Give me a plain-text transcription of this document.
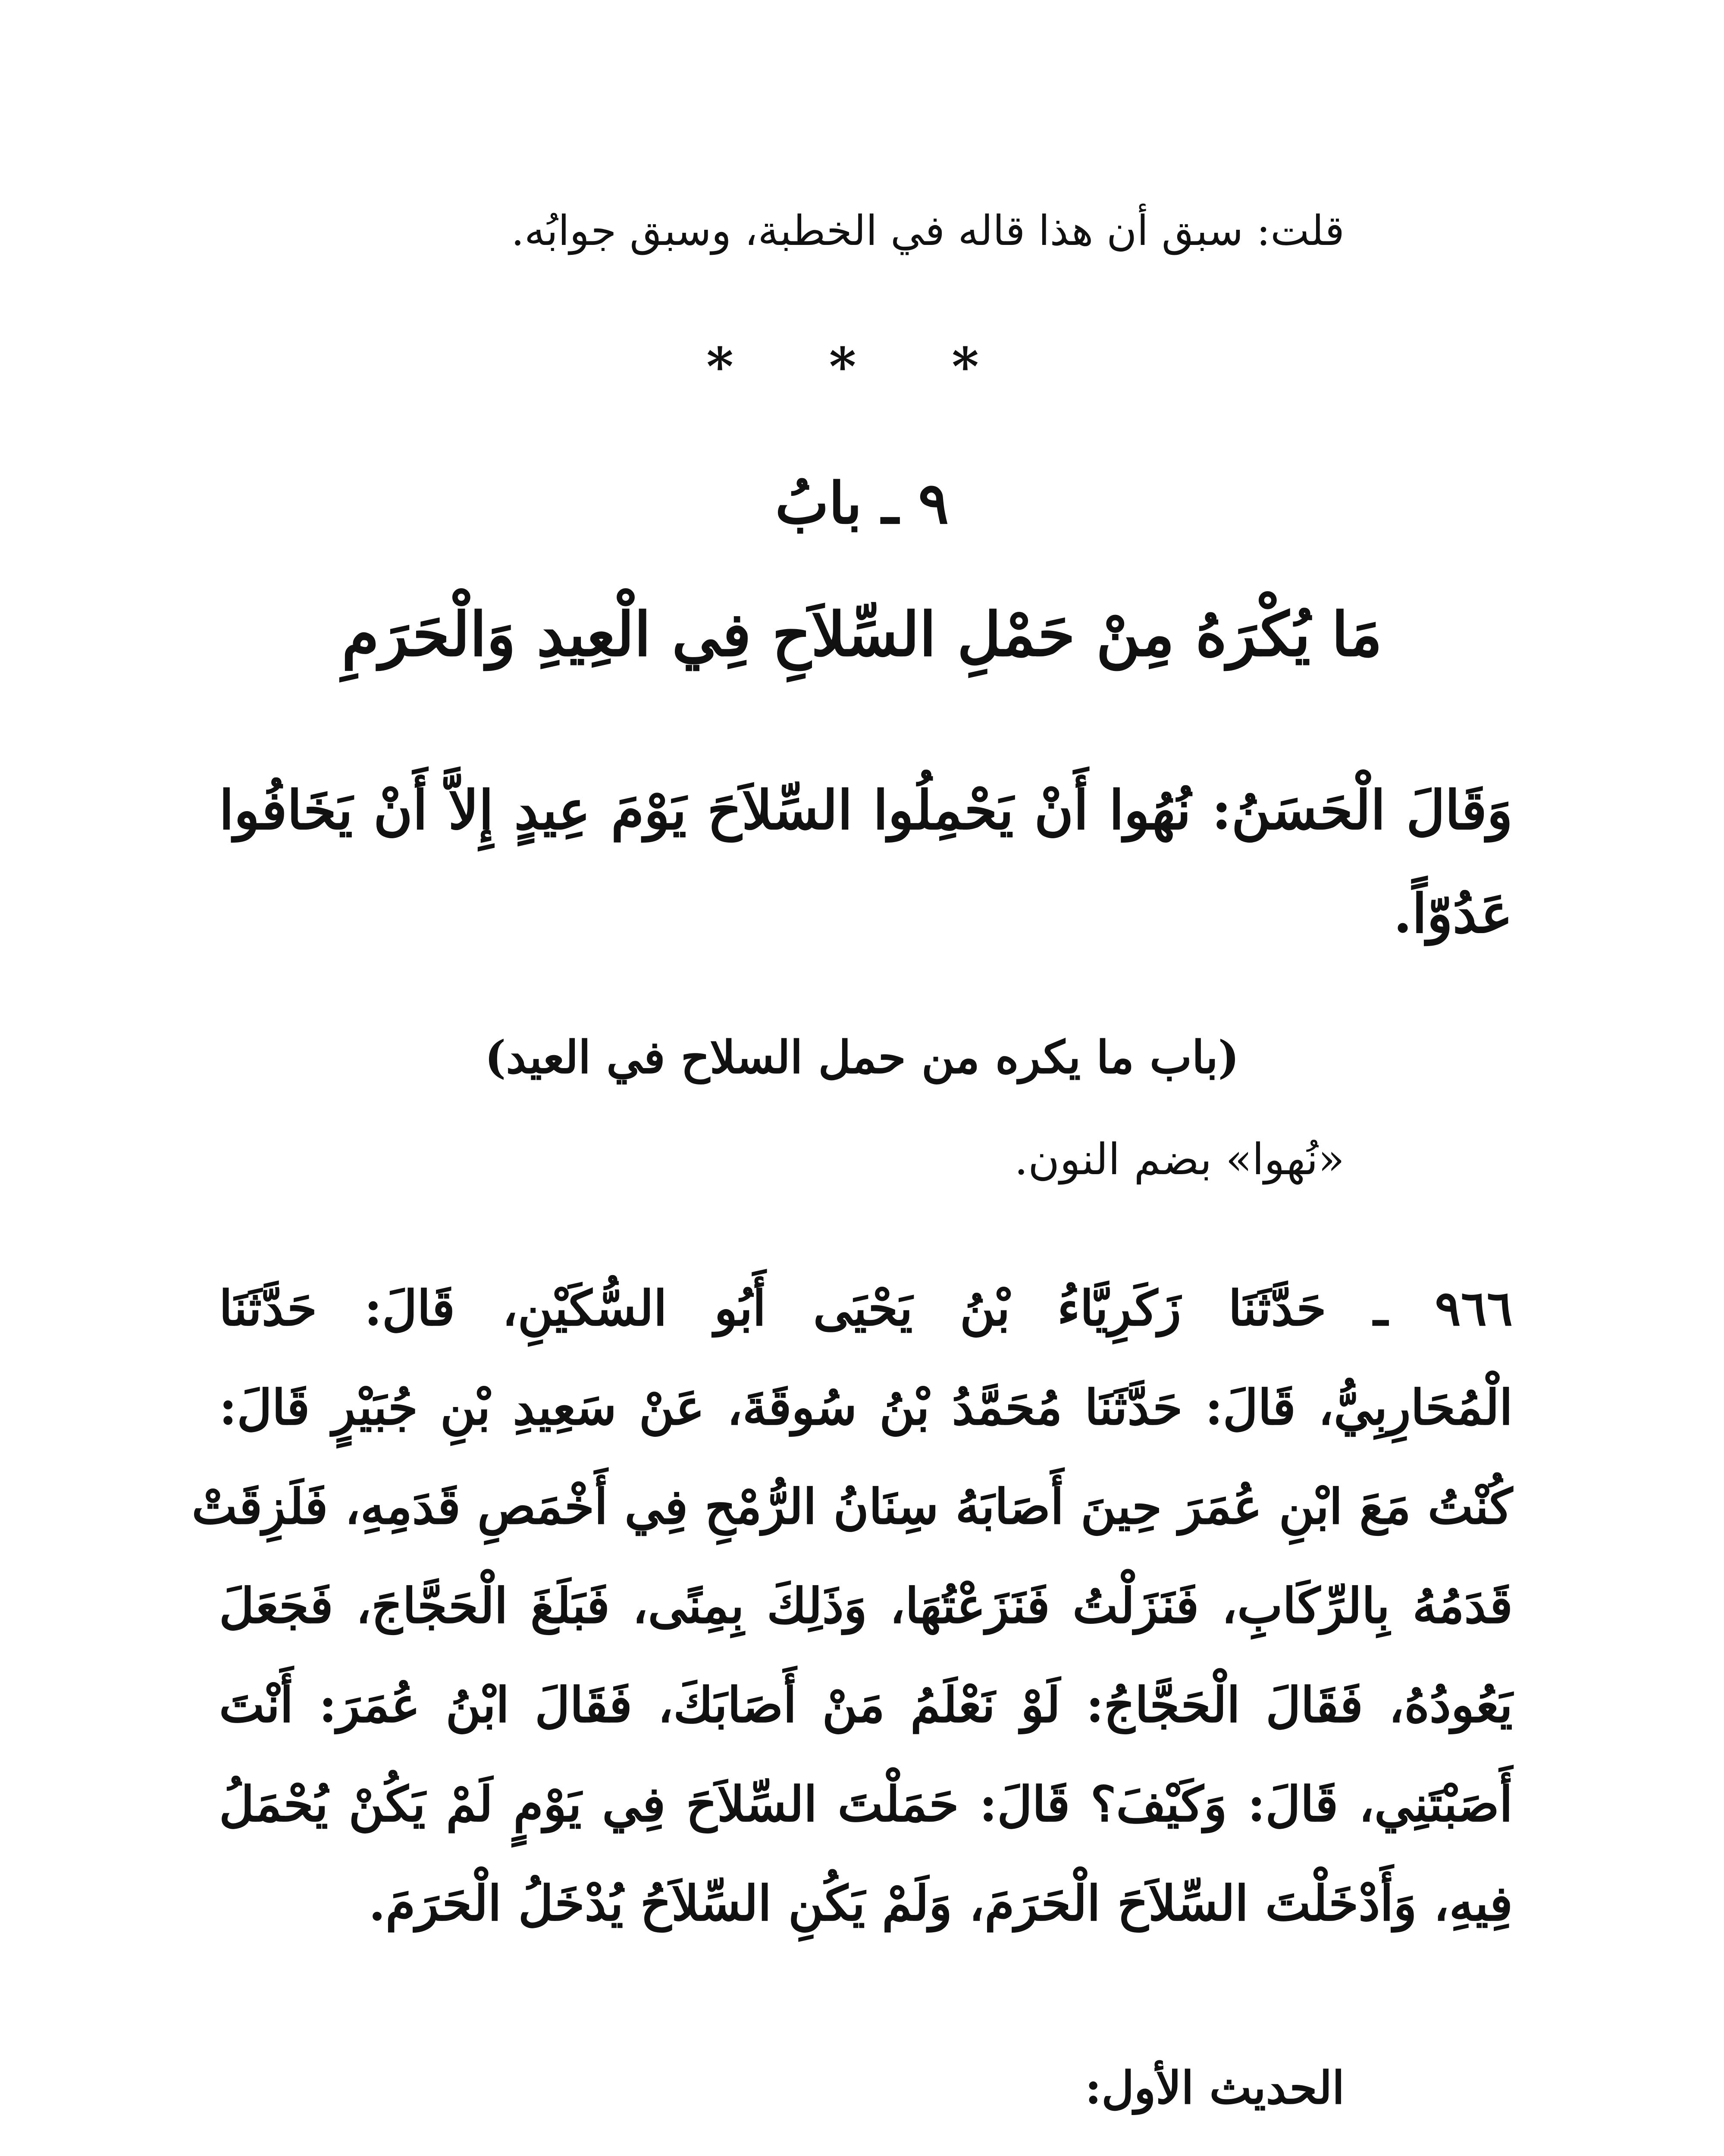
قلت: سبق أن هذا قاله في الخطبة، وسبق جوابُه.

* * *

٩ ـ بابُ

مَا يُكْرَهُ مِنْ حَمْلِ السِّلاَحِ فِي الْعِيدِ وَالْحَرَمِ

وَقَالَ الْحَسَنُ: نُهُوا أَنْ يَحْمِلُوا السِّلاَحَ يَوْمَ عِيدٍ إِلاَّ أَنْ يَخَافُوا
عَدُوّاً.

(باب ما يكره من حمل السلاح في العيد)

«نُهوا» بضم النون.

٩٦٦ ـ حَدَّثَنَا زَكَرِيَّاءُ بْنُ يَحْيَى أَبُو السُّكَيْنِ، قَالَ: حَدَّثَنَا
الْمُحَارِبِيُّ، قَالَ: حَدَّثَنَا مُحَمَّدُ بْنُ سُوقَةَ، عَنْ سَعِيدِ بْنِ جُبَيْرٍ قَالَ:
كُنْتُ مَعَ ابْنِ عُمَرَ حِينَ أَصَابَهُ سِنَانُ الرُّمْحِ فِي أَخْمَصِ قَدَمِهِ، فَلَزِقَتْ
قَدَمُهُ بِالرِّكَابِ، فَنَزَلْتُ فَنَزَعْتُهَا، وَذَلِكَ بِمِنًى، فَبَلَغَ الْحَجَّاجَ، فَجَعَلَ
يَعُودُهُ، فَقَالَ الْحَجَّاجُ: لَوْ نَعْلَمُ مَنْ أَصَابَكَ، فَقَالَ ابْنُ عُمَرَ: أَنْتَ
أَصَبْتَنِي، قَالَ: وَكَيْفَ؟ قَالَ: حَمَلْتَ السِّلاَحَ فِي يَوْمٍ لَمْ يَكُنْ يُحْمَلُ
فِيهِ، وَأَدْخَلْتَ السِّلاَحَ الْحَرَمَ، وَلَمْ يَكُنِ السِّلاَحُ يُدْخَلُ الْحَرَمَ.

الحديث الأول:
